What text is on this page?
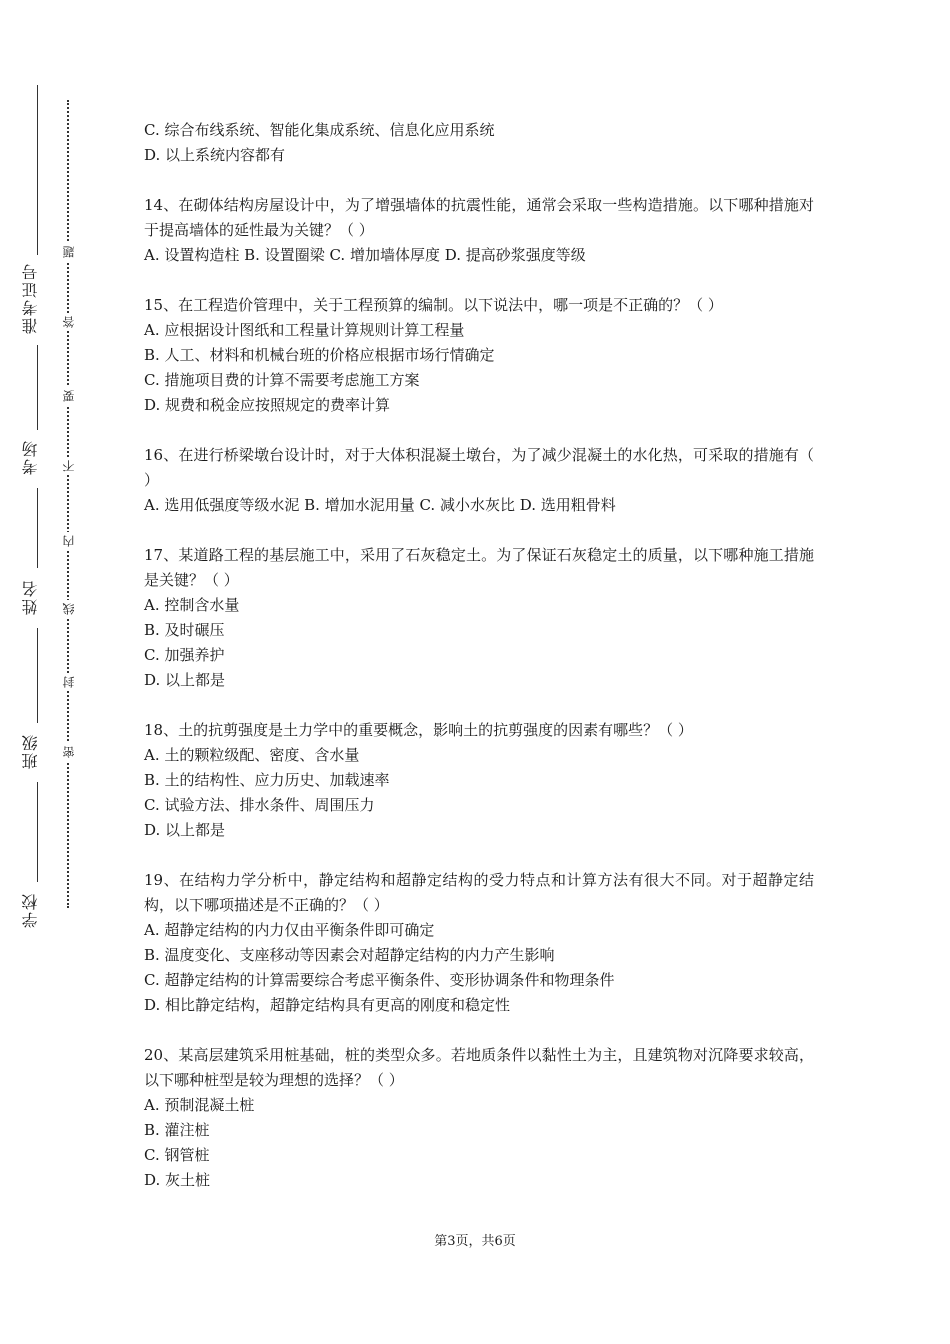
准考证号
考场
姓名
班级
学校
题
答
要
不
内
线
封
密
C. 综合布线系统、智能化集成系统、信息化应用系统
D. 以上系统内容都有
14、在砌体结构房屋设计中，为了增强墙体的抗震性能，通常会采取一些构造措施。以下哪种措施对于提高墙体的延性最为关键？（ ）
A. 设置构造柱 B. 设置圈梁 C. 增加墙体厚度 D. 提高砂浆强度等级
15、在工程造价管理中，关于工程预算的编制。以下说法中，哪一项是不正确的？（ ）
A. 应根据设计图纸和工程量计算规则计算工程量
B. 人工、材料和机械台班的价格应根据市场行情确定
C. 措施项目费的计算不需要考虑施工方案
D. 规费和税金应按照规定的费率计算
16、在进行桥梁墩台设计时，对于大体积混凝土墩台，为了减少混凝土的水化热，可采取的措施有（ ）
A. 选用低强度等级水泥 B. 增加水泥用量 C. 减小水灰比 D. 选用粗骨料
17、某道路工程的基层施工中，采用了石灰稳定土。为了保证石灰稳定土的质量，以下哪种施工措施是关键？（ ）
A. 控制含水量
B. 及时碾压
C. 加强养护
D. 以上都是
18、土的抗剪强度是土力学中的重要概念，影响土的抗剪强度的因素有哪些？（ ）
A. 土的颗粒级配、密度、含水量
B. 土的结构性、应力历史、加载速率
C. 试验方法、排水条件、周围压力
D. 以上都是
19、在结构力学分析中，静定结构和超静定结构的受力特点和计算方法有很大不同。对于超静定结构，以下哪项描述是不正确的？（ ）
A. 超静定结构的内力仅由平衡条件即可确定
B. 温度变化、支座移动等因素会对超静定结构的内力产生影响
C. 超静定结构的计算需要综合考虑平衡条件、变形协调条件和物理条件
D. 相比静定结构，超静定结构具有更高的刚度和稳定性
20、某高层建筑采用桩基础，桩的类型众多。若地质条件以黏性土为主，且建筑物对沉降要求较高，以下哪种桩型是较为理想的选择？（ ）
A. 预制混凝土桩
B. 灌注桩
C. 钢管桩
D. 灰土桩
第3页，共6页
